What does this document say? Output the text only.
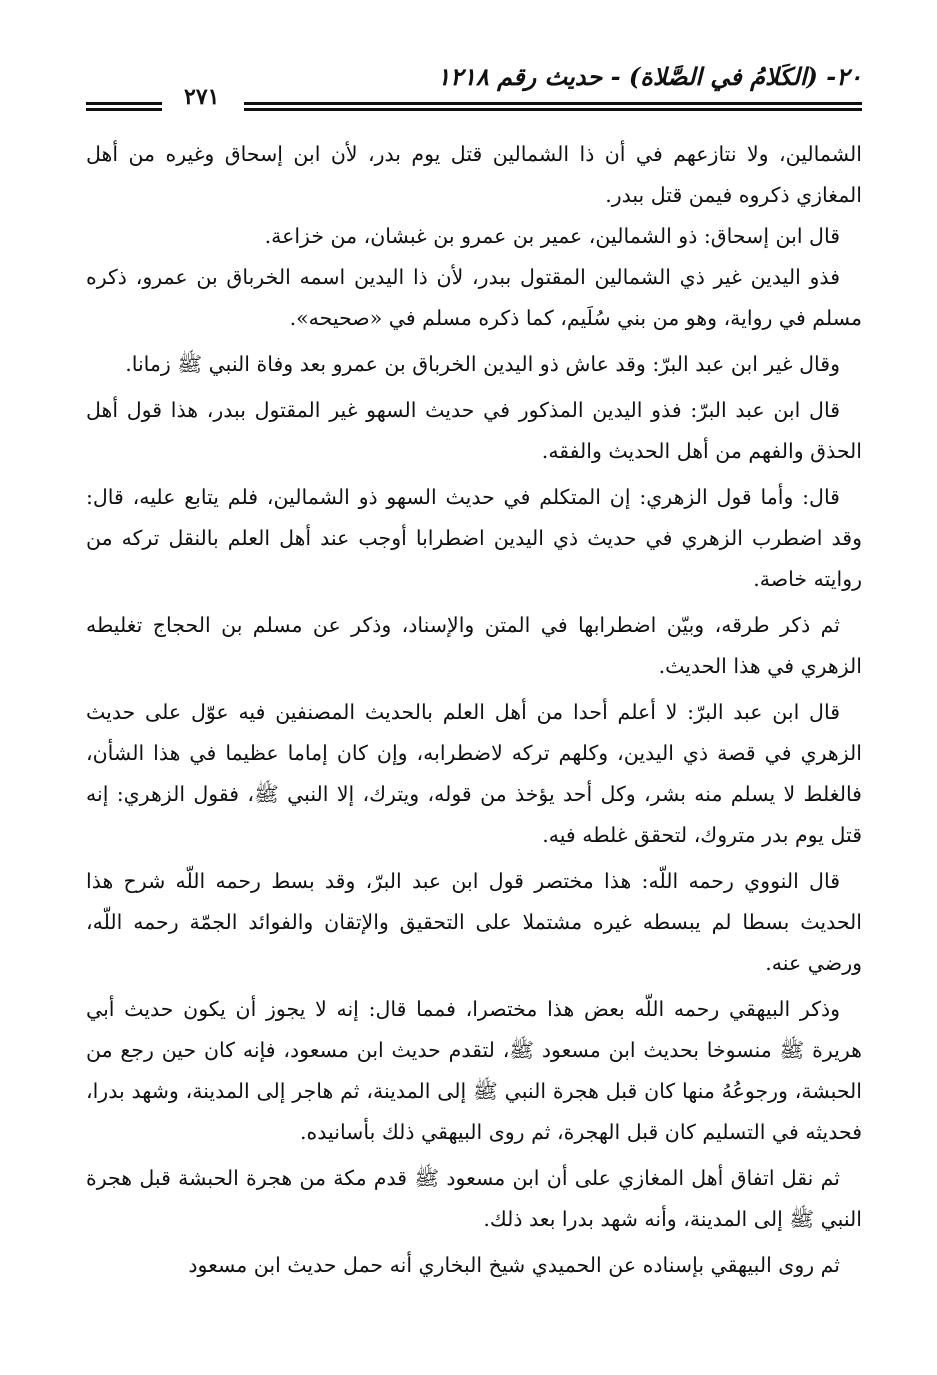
٢٠- (الكَلامُ في الصَّلاة) - حديث رقم ١٢١٨
٢٧١

الشمالين، ولا نتازعهم في أن ذا الشمالين قتل يوم بدر، لأن ابن إسحاق وغيره من أهل المغازي ذكروه فيمن قتل ببدر.

قال ابن إسحاق: ذو الشمالين، عمير بن عمرو بن غبشان، من خزاعة.

فذو اليدين غير ذي الشمالين المقتول ببدر، لأن ذا اليدين اسمه الخرباق بن عمرو، ذكره مسلم في رواية، وهو من بني سُلَيم، كما ذكره مسلم في «صحيحه».

وقال غير ابن عبد البرّ: وقد عاش ذو اليدين الخرباق بن عمرو بعد وفاة النبي ﷺ زمانا.

قال ابن عبد البرّ: فذو اليدين المذكور في حديث السهو غير المقتول ببدر، هذا قول أهل الحذق والفهم من أهل الحديث والفقه.

قال: وأما قول الزهري: إن المتكلم في حديث السهو ذو الشمالين، فلم يتابع عليه، قال: وقد اضطرب الزهري في حديث ذي اليدين اضطرابا أوجب عند أهل العلم بالنقل تركه من روايته خاصة.

ثم ذكر طرقه، وبيّن اضطرابها في المتن والإسناد، وذكر عن مسلم بن الحجاج تغليطه الزهري في هذا الحديث.

قال ابن عبد البرّ: لا أعلم أحدا من أهل العلم بالحديث المصنفين فيه عوّل على حديث الزهري في قصة ذي اليدين، وكلهم تركه لاضطرابه، وإن كان إماما عظيما في هذا الشأن، فالغلط لا يسلم منه بشر، وكل أحد يؤخذ من قوله، ويترك، إلا النبي ﷺ، فقول الزهري: إنه قتل يوم بدر متروك، لتحقق غلطه فيه.

قال النووي رحمه اللّه: هذا مختصر قول ابن عبد البرّ، وقد بسط رحمه اللّه شرح هذا الحديث بسطا لم يبسطه غيره مشتملا على التحقيق والإتقان والفوائد الجمّة رحمه اللّه، ورضي عنه.

وذكر البيهقي رحمه اللّه بعض هذا مختصرا، فمما قال: إنه لا يجوز أن يكون حديث أبي هريرة ﷺ منسوخا بحديث ابن مسعود ﷺ، لتقدم حديث ابن مسعود، فإنه كان حين رجع من الحبشة، ورجوعُهُ منها كان قبل هجرة النبي ﷺ إلى المدينة، ثم هاجر إلى المدينة، وشهد بدرا، فحديثه في التسليم كان قبل الهجرة، ثم روى البيهقي ذلك بأسانيده.

ثم نقل اتفاق أهل المغازي على أن ابن مسعود ﷺ قدم مكة من هجرة الحبشة قبل هجرة النبي ﷺ إلى المدينة، وأنه شهد بدرا بعد ذلك.

ثم روى البيهقي بإسناده عن الحميدي شيخ البخاري أنه حمل حديث ابن مسعود
